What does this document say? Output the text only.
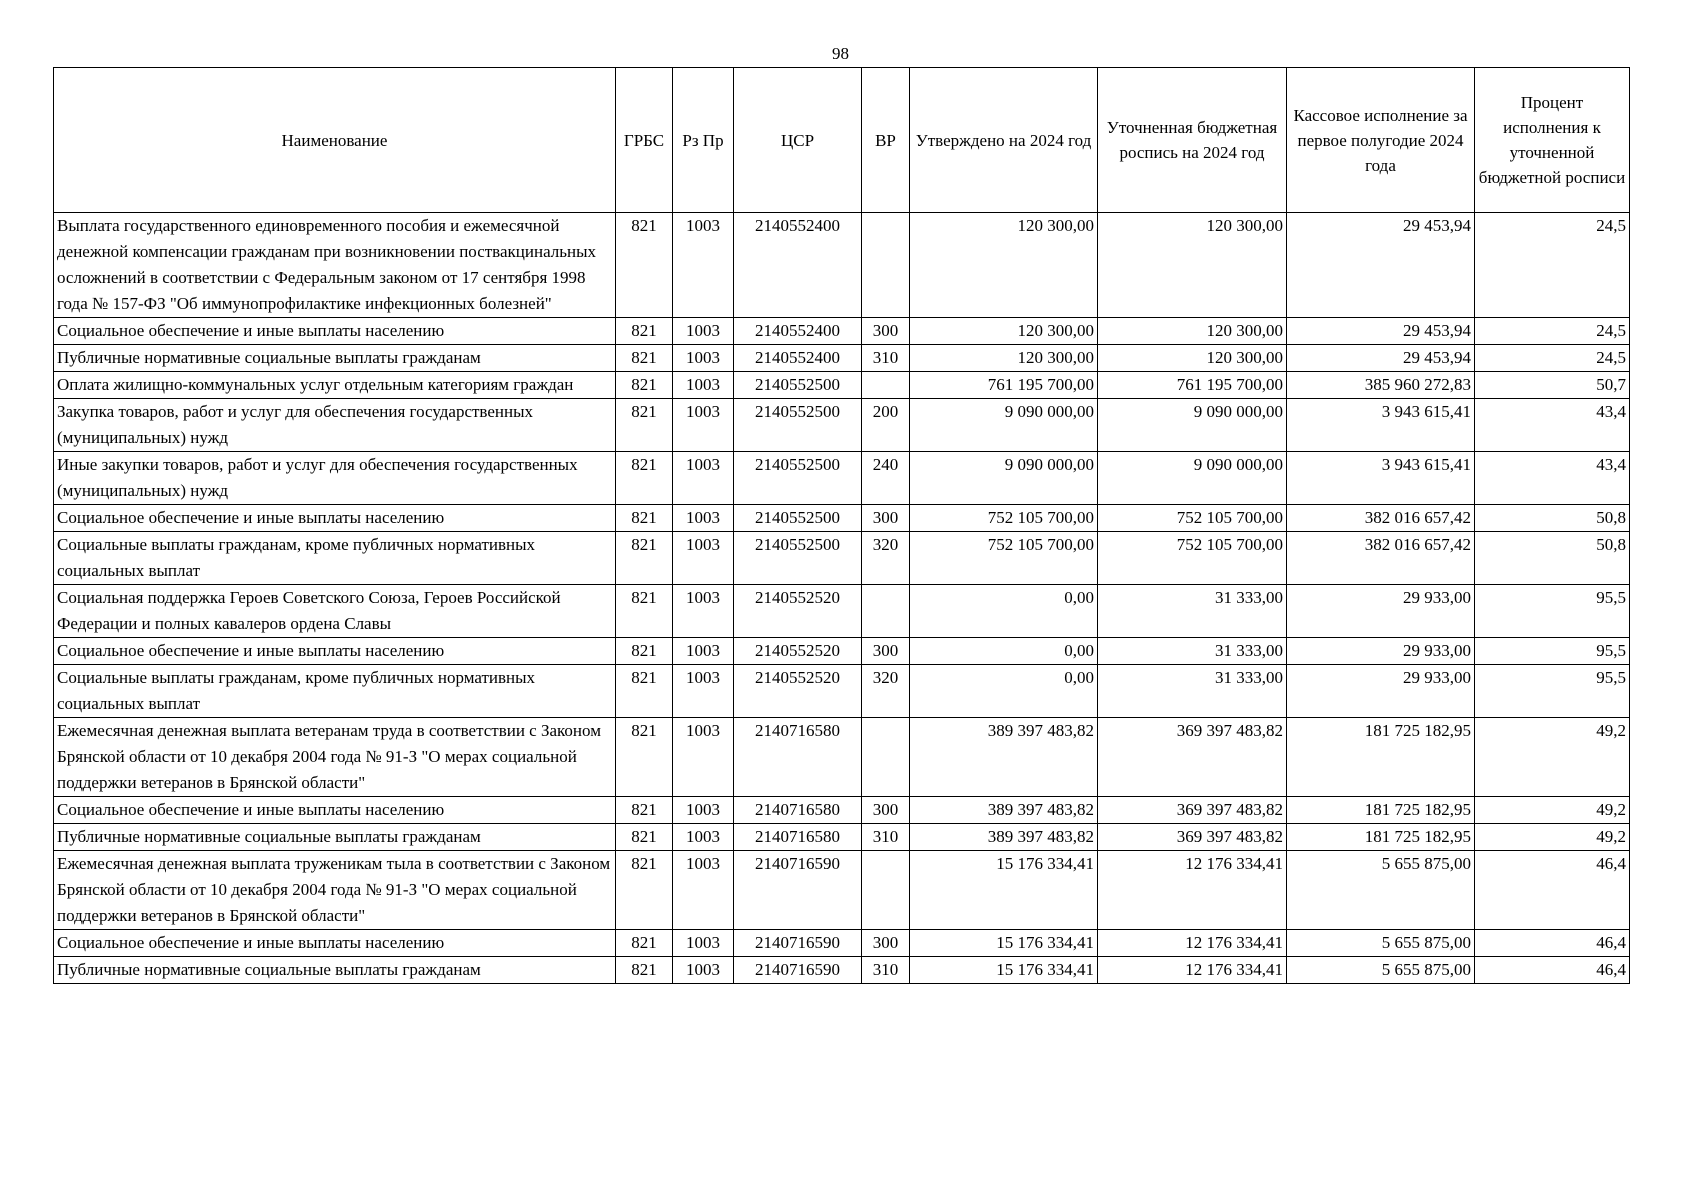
98
Наименование	ГРБС	Рз Пр	ЦСР	ВР	Утверждено на 2024 год	Уточненная бюджетная роспись на 2024 год	Кассовое исполнение за первое полугодие 2024 года	Процент исполнения к уточненной бюджетной росписи
Выплата государственного единовременного пособия и ежемесячной денежной компенсации гражданам при возникновении поствакцинальных осложнений в соответствии с Федеральным законом от 17 сентября 1998 года № 157-ФЗ "Об иммунопрофилактике инфекционных болезней"	821	1003	2140552400		120 300,00	120 300,00	29 453,94	24,5
Социальное обеспечение и иные выплаты населению	821	1003	2140552400	300	120 300,00	120 300,00	29 453,94	24,5
Публичные нормативные социальные выплаты гражданам	821	1003	2140552400	310	120 300,00	120 300,00	29 453,94	24,5
Оплата жилищно-коммунальных услуг отдельным категориям граждан	821	1003	2140552500		761 195 700,00	761 195 700,00	385 960 272,83	50,7
Закупка товаров, работ и услуг для обеспечения государственных (муниципальных) нужд	821	1003	2140552500	200	9 090 000,00	9 090 000,00	3 943 615,41	43,4
Иные закупки товаров, работ и услуг для обеспечения государственных (муниципальных) нужд	821	1003	2140552500	240	9 090 000,00	9 090 000,00	3 943 615,41	43,4
Социальное обеспечение и иные выплаты населению	821	1003	2140552500	300	752 105 700,00	752 105 700,00	382 016 657,42	50,8
Социальные выплаты гражданам, кроме публичных нормативных социальных выплат	821	1003	2140552500	320	752 105 700,00	752 105 700,00	382 016 657,42	50,8
Социальная поддержка Героев Советского Союза, Героев Российской Федерации и полных кавалеров ордена Славы	821	1003	2140552520		0,00	31 333,00	29 933,00	95,5
Социальное обеспечение и иные выплаты населению	821	1003	2140552520	300	0,00	31 333,00	29 933,00	95,5
Социальные выплаты гражданам, кроме публичных нормативных социальных выплат	821	1003	2140552520	320	0,00	31 333,00	29 933,00	95,5
Ежемесячная денежная выплата ветеранам труда в соответствии с Законом Брянской области от 10 декабря 2004 года № 91-З "О мерах социальной поддержки ветеранов в Брянской области"	821	1003	2140716580		389 397 483,82	369 397 483,82	181 725 182,95	49,2
Социальное обеспечение и иные выплаты населению	821	1003	2140716580	300	389 397 483,82	369 397 483,82	181 725 182,95	49,2
Публичные нормативные социальные выплаты гражданам	821	1003	2140716580	310	389 397 483,82	369 397 483,82	181 725 182,95	49,2
Ежемесячная денежная выплата труженикам тыла в соответствии с Законом Брянской области от 10 декабря 2004 года № 91-З "О мерах социальной поддержки ветеранов в Брянской области"	821	1003	2140716590		15 176 334,41	12 176 334,41	5 655 875,00	46,4
Социальное обеспечение и иные выплаты населению	821	1003	2140716590	300	15 176 334,41	12 176 334,41	5 655 875,00	46,4
Публичные нормативные социальные выплаты гражданам	821	1003	2140716590	310	15 176 334,41	12 176 334,41	5 655 875,00	46,4
